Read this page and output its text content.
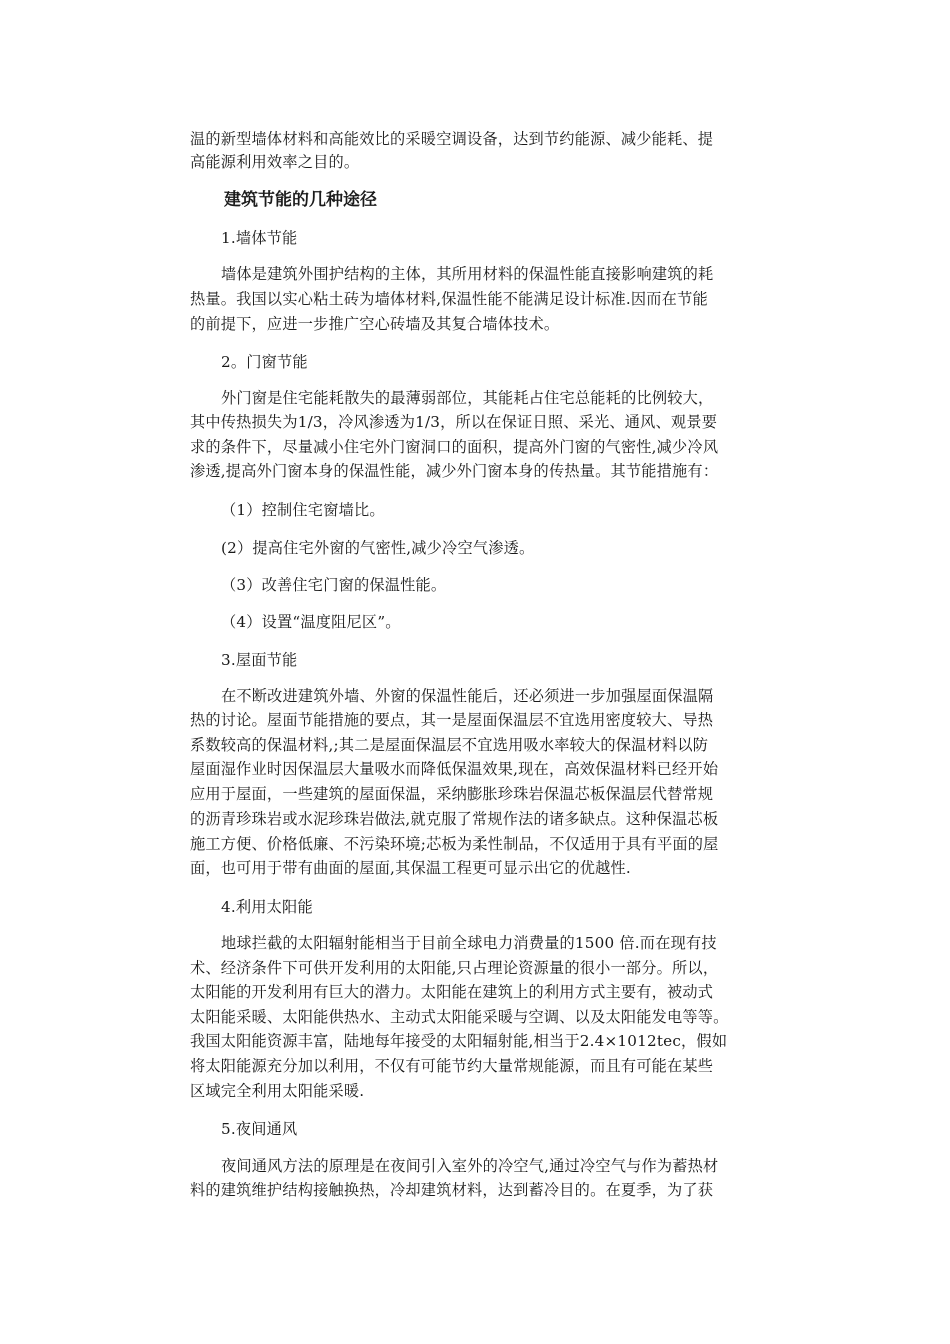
温的新型墙体材料和高能效比的采暖空调设备，达到节约能源、减少能耗、提
高能源利用效率之目的。
建筑节能的几种途径
1.墙体节能
墙体是建筑外围护结构的主体，其所用材料的保温性能直接影响建筑的耗
热量。我国以实心粘土砖为墙体材料,保温性能不能满足设计标准.因而在节能
的前提下，应进一步推广空心砖墙及其复合墙体技术。
2。门窗节能
外门窗是住宅能耗散失的最薄弱部位，其能耗占住宅总能耗的比例较大，
其中传热损失为1/3，冷风渗透为1/3，所以在保证日照、采光、通风、观景要
求的条件下，尽量减小住宅外门窗洞口的面积，提高外门窗的气密性,减少冷风
渗透,提高外门窗本身的保温性能，减少外门窗本身的传热量。其节能措施有：
（1）控制住宅窗墙比。
(2）提高住宅外窗的气密性,减少冷空气渗透。
（3）改善住宅门窗的保温性能。
（4）设置“温度阻尼区”。
3.屋面节能
在不断改进建筑外墙、外窗的保温性能后，还必须进一步加强屋面保温隔
热的讨论。屋面节能措施的要点，其一是屋面保温层不宜选用密度较大、导热
系数较高的保温材料,;其二是屋面保温层不宜选用吸水率较大的保温材料以防
屋面湿作业时因保温层大量吸水而降低保温效果,现在，高效保温材料已经开始
应用于屋面，一些建筑的屋面保温，采纳膨胀珍珠岩保温芯板保温层代替常规
的沥青珍珠岩或水泥珍珠岩做法,就克服了常规作法的诸多缺点。这种保温芯板
施工方便、价格低廉、不污染环境;芯板为柔性制品，不仅适用于具有平面的屋
面，也可用于带有曲面的屋面,其保温工程更可显示出它的优越性.
4.利用太阳能
地球拦截的太阳辐射能相当于目前全球电力消费量的1500 倍.而在现有技
术、经济条件下可供开发利用的太阳能,只占理论资源量的很小一部分。所以，
太阳能的开发利用有巨大的潜力。太阳能在建筑上的利用方式主要有，被动式
太阳能采暖、太阳能供热水、主动式太阳能采暖与空调、以及太阳能发电等等。
我国太阳能资源丰富，陆地每年接受的太阳辐射能,相当于2.4×1012tec，假如
将太阳能源充分加以利用，不仅有可能节约大量常规能源，而且有可能在某些
区域完全利用太阳能采暖.
5.夜间通风
夜间通风方法的原理是在夜间引入室外的冷空气,通过冷空气与作为蓄热材
料的建筑维护结构接触换热，冷却建筑材料，达到蓄冷目的。在夏季，为了获
